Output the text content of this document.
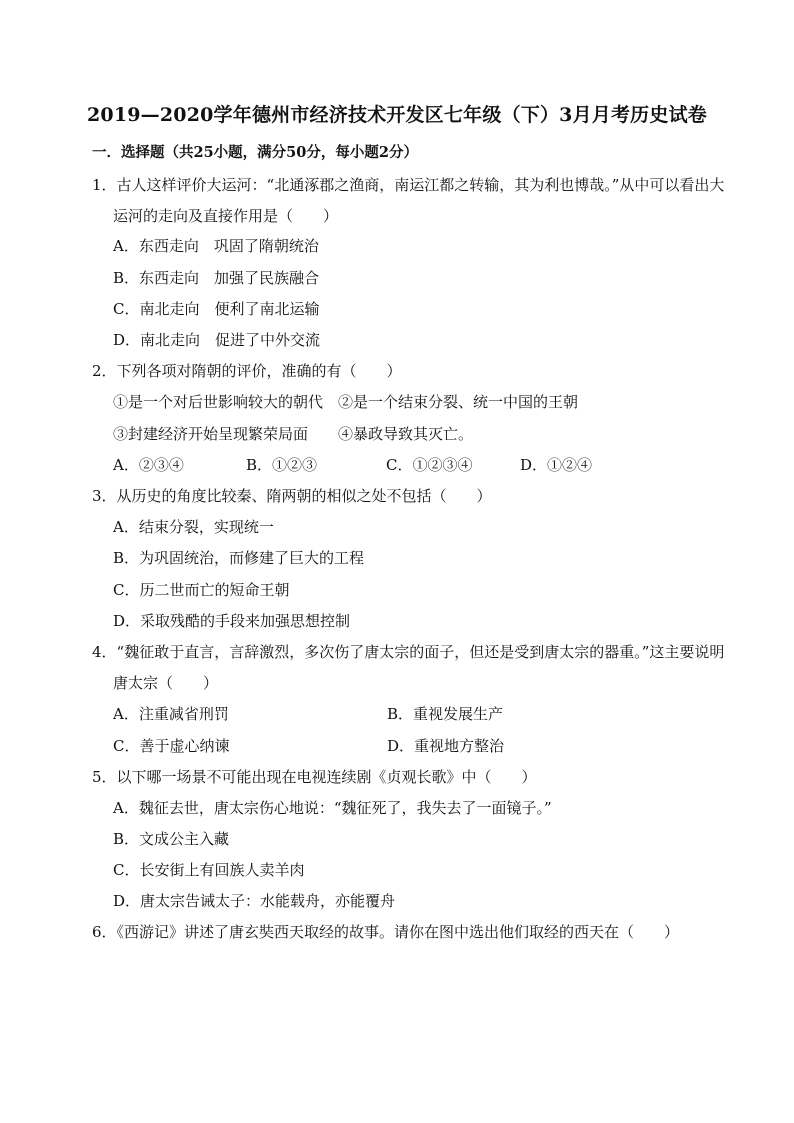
2019—2020学年德州市经济技术开发区七年级（下）3月月考历史试卷
一．选择题（共25小题，满分50分，每小题2分）
1．古人这样评价大运河：“北通涿郡之渔商，南运江都之转输，其为利也博哉。”从中可以看出大
运河的走向及直接作用是（　　）
A．东西走向　巩固了隋朝统治
B．东西走向　加强了民族融合
C．南北走向　便利了南北运输
D．南北走向　促进了中外交流
2．下列各项对隋朝的评价，准确的有（　　）
①是一个对后世影响较大的朝代　②是一个结束分裂、统一中国的王朝
③封建经济开始呈现繁荣局面　　④暴政导致其灭亡。
A．②③④	B．①②③	C．①②③④	D．①②④
3．从历史的角度比较秦、隋两朝的相似之处不包括（　　）
A．结束分裂，实现统一
B．为巩固统治，而修建了巨大的工程
C．历二世而亡的短命王朝
D．采取残酷的手段来加强思想控制
4．“魏征敢于直言，言辞激烈，多次伤了唐太宗的面子，但还是受到唐太宗的器重。”这主要说明
唐太宗（　　）
A．注重减省刑罚	B．重视发展生产
C．善于虚心纳谏	D．重视地方整治
5．以下哪一场景不可能出现在电视连续剧《贞观长歌》中（　　）
A．魏征去世，唐太宗伤心地说：“魏征死了，我失去了一面镜子。”
B．文成公主入藏
C．长安街上有回族人卖羊肉
D．唐太宗告诫太子：水能载舟，亦能覆舟
6．《西游记》讲述了唐玄奘西天取经的故事。请你在图中选出他们取经的西天在（　　）
